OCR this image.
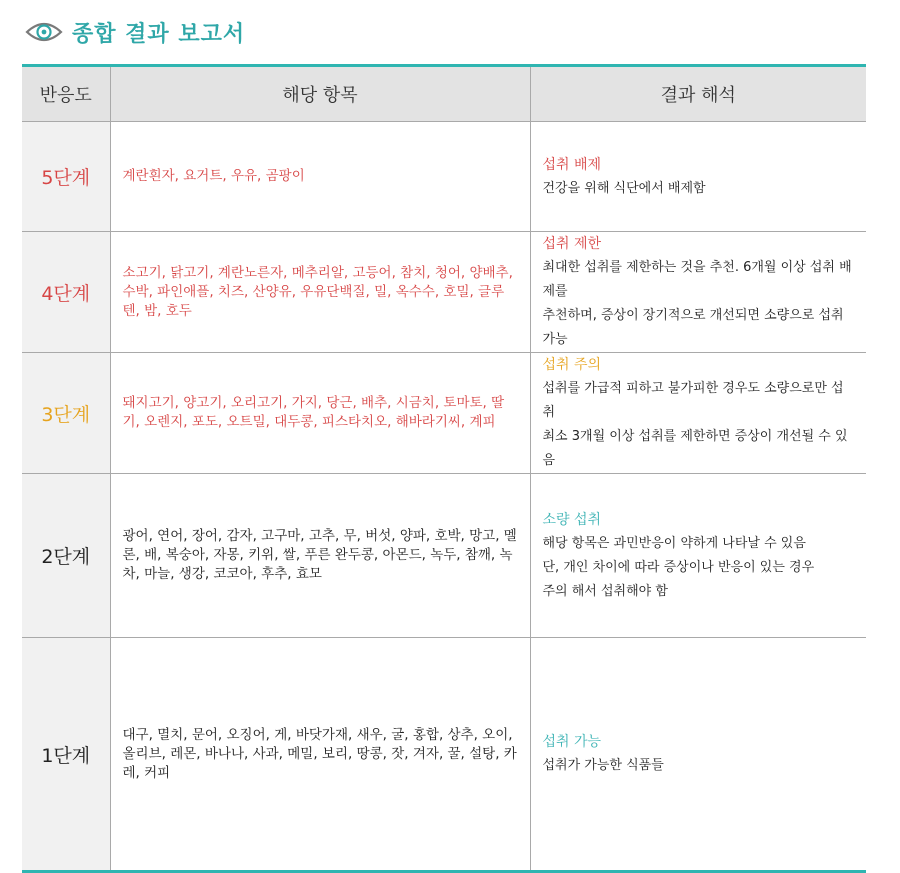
종합 결과 보고서
반응도	해당 항목	결과 해석
5단계	계란흰자, 요거트, 우유, 곰팡이	섭취 배제
건강을 위해 식단에서 배제함

4단계	소고기, 닭고기, 계란노른자, 메추리알, 고등어, 참치, 청어, 양배추, 수박, 파인애플, 치즈, 산양유, 우유단백질, 밀, 옥수수, 호밀, 글루텐, 밤, 호두	섭취 제한
최대한 섭취를 제한하는 것을 추천. 6개월 이상 섭취 배제를
추천하며, 증상이 장기적으로 개선되면 소량으로 섭취 가능

3단계	돼지고기, 양고기, 오리고기, 가지, 당근, 배추, 시금치, 토마토, 딸기, 오렌지, 포도, 오트밀, 대두콩, 피스타치오, 해바라기씨, 계피	섭취 주의
섭취를 가급적 피하고 불가피한 경우도 소량으로만 섭취
최소 3개월 이상 섭취를 제한하면 증상이 개선될 수 있음

2단계	광어, 연어, 장어, 감자, 고구마, 고추, 무, 버섯, 양파, 호박, 망고, 멜론, 배, 복숭아, 자몽, 키위, 쌀, 푸른 완두콩, 아몬드, 녹두, 참깨, 녹차, 마늘, 생강, 코코아, 후추, 효모	소량 섭취
해당 항목은 과민반응이 약하게 나타날 수 있음
단, 개인 차이에 따라 증상이나 반응이 있는 경우
주의 해서 섭취해야 함

1단계	대구, 멸치, 문어, 오징어, 게, 바닷가재, 새우, 굴, 홍합, 상추, 오이, 올리브, 레몬, 바나나, 사과, 메밀, 보리, 땅콩, 잣, 겨자, 꿀, 설탕, 카레, 커피	섭취 가능
섭취가 가능한 식품들
